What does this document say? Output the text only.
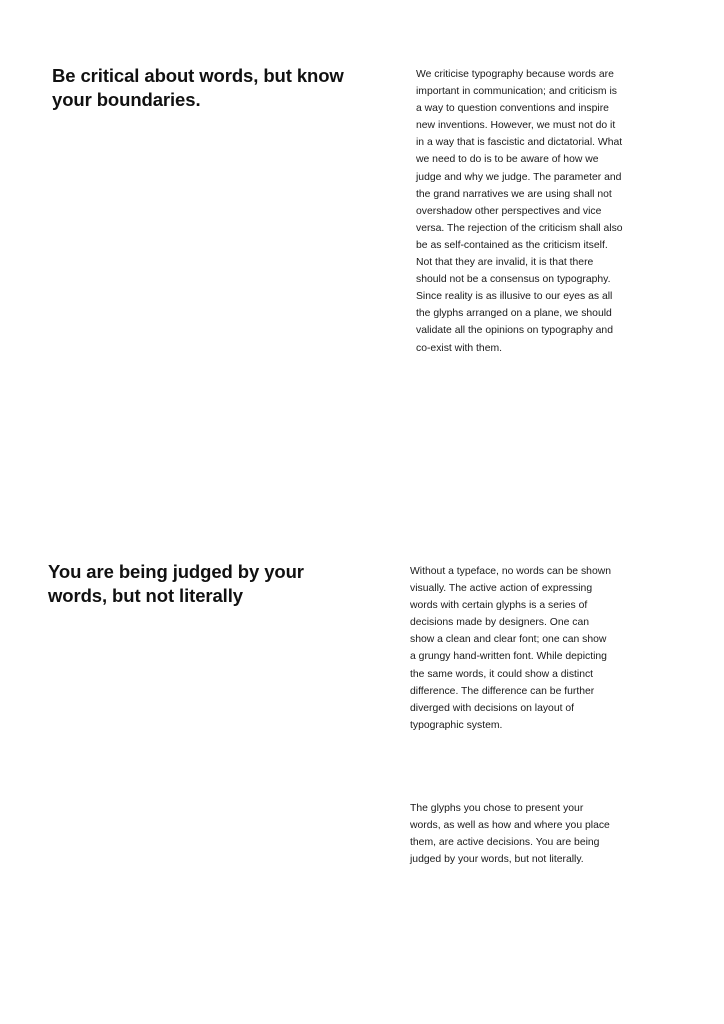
Be critical about words, but know
your boundaries.
We criticise typography because words are
important in communication; and criticism is
a way to question conventions and inspire
new inventions. However, we must not do it
in a way that is fascistic and dictatorial. What
we need to do is to be aware of how we
judge and why we judge. The parameter and
the grand narratives we are using shall not
overshadow other perspectives and vice
versa. The rejection of the criticism shall also
be as self-contained as the criticism itself.
Not that they are invalid, it is that there
should not be a consensus on typography.
Since reality is as illusive to our eyes as all
the glyphs arranged on a plane, we should
validate all the opinions on typography and
co-exist with them.
You are being judged by your
words, but not literally
Without a typeface, no words can be shown
visually. The active action of expressing
words with certain glyphs is a series of
decisions made by designers. One can
show a clean and clear font; one can show
a grungy hand-written font. While depicting
the same words, it could show a distinct
difference. The difference can be further
diverged with decisions on layout of
typographic system.
The glyphs you chose to present your
words, as well as how and where you place
them, are active decisions. You are being
judged by your words, but not literally.
